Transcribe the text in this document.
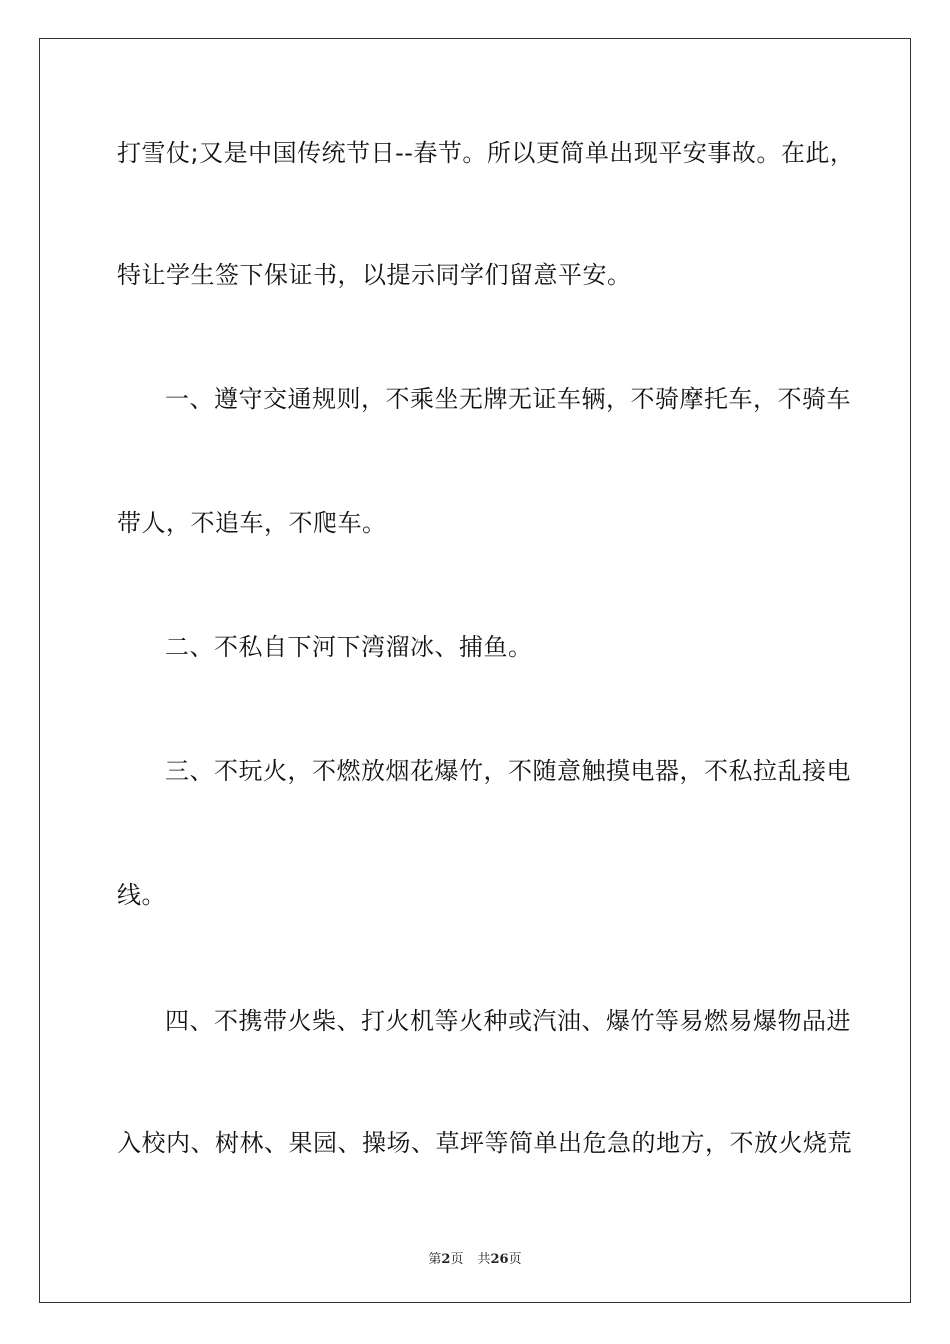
打雪仗;又是中国传统节日--春节。所以更简单出现平安事故。在此，
特让学生签下保证书，以提示同学们留意平安。
一、遵守交通规则，不乘坐无牌无证车辆，不骑摩托车，不骑车
带人，不追车，不爬车。
二、不私自下河下湾溜冰、捕鱼。
三、不玩火，不燃放烟花爆竹，不随意触摸电器，不私拉乱接电
线。
四、不携带火柴、打火机等火种或汽油、爆竹等易燃易爆物品进
入校内、树林、果园、操场、草坪等简单出危急的地方，不放火烧荒
第2页 共26页
